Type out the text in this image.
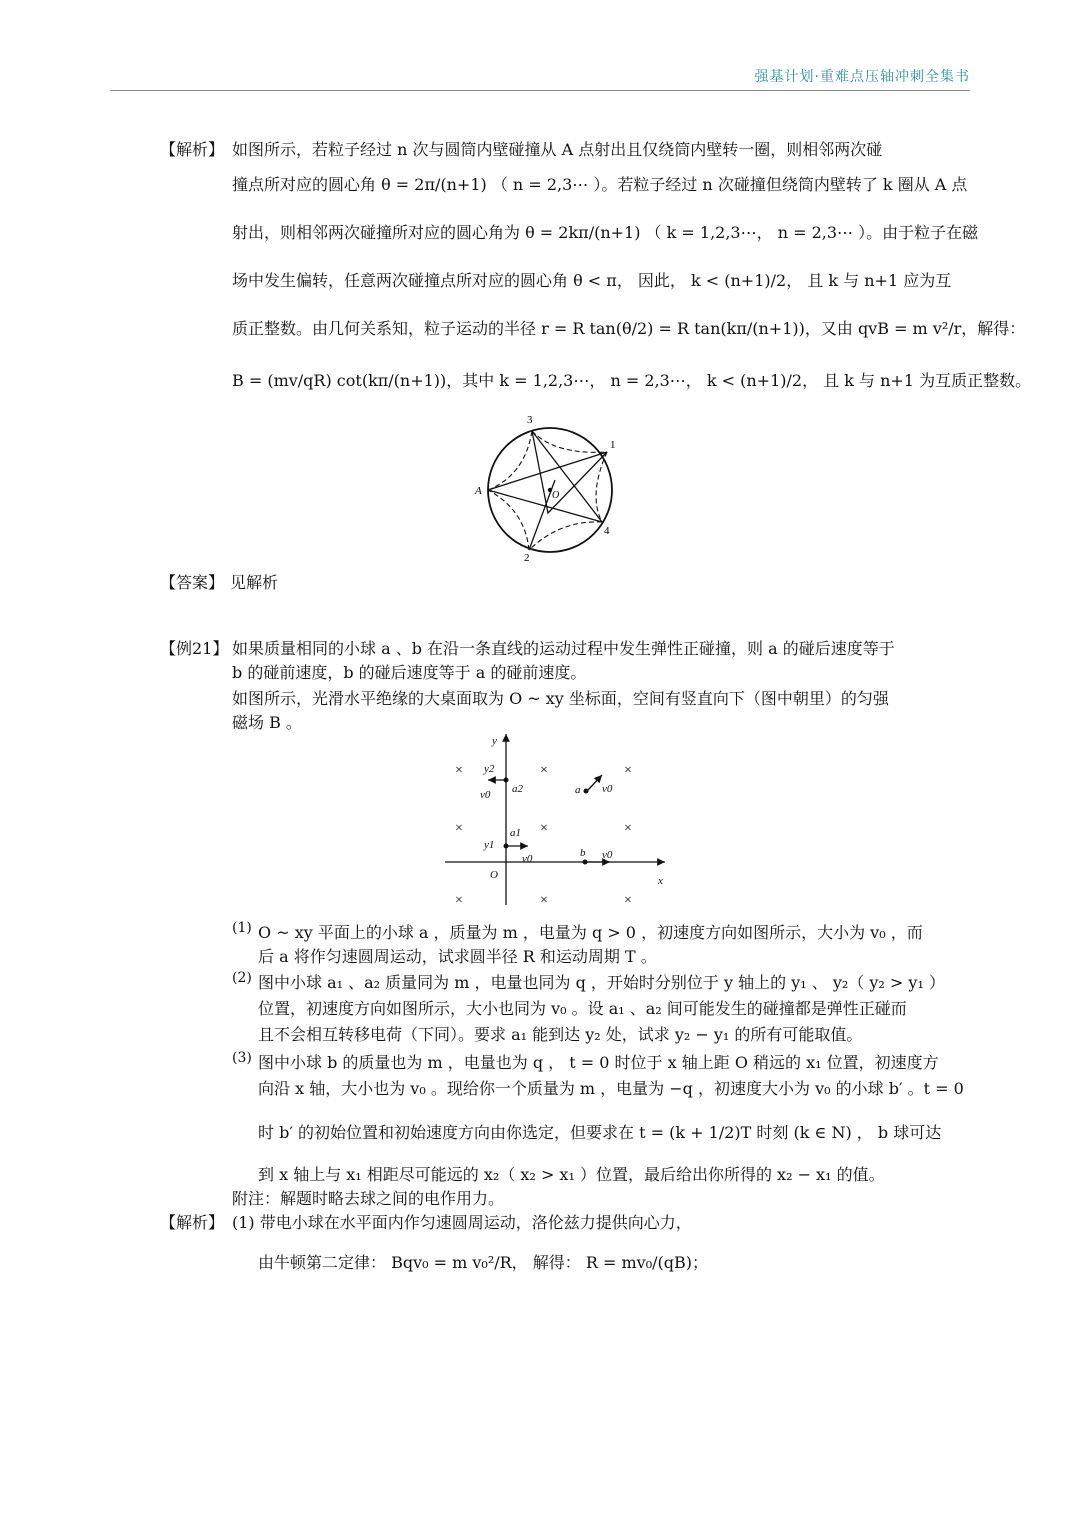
强基计划·重难点压轴冲刺全集书
【解析】 如图所示，若粒子经过 n 次与圆筒内壁碰撞从 A 点射出且仅绕筒内壁转一圈，则相邻两次碰
撞点所对应的圆心角 θ = 2π/(n+1) （ n = 2,3⋯ ）。若粒子经过 n 次碰撞但绕筒内壁转了 k 圈从 A 点
射出，则相邻两次碰撞所对应的圆心角为 θ = 2kπ/(n+1) （ k = 1,2,3⋯， n = 2,3⋯ ）。由于粒子在磁
场中发生偏转，任意两次碰撞点所对应的圆心角 θ < π， 因此， k < (n+1)/2， 且 k 与 n+1 应为互
质正整数。由几何关系知，粒子运动的半径 r = R tan(θ/2) = R tan(kπ/(n+1))，又由 qvB = m v²/r，解得：
B = (mv/qR) cot(kπ/(n+1))，其中 k = 1,2,3⋯， n = 2,3⋯， k < (n+1)/2， 且 k 与 n+1 为互质正整数。
3
1
A	O
2
4
【答案】 见解析
【例21】 如果质量相同的小球 a 、b 在沿一条直线的运动过程中发生弹性正碰撞，则 a 的碰后速度等于
b 的碰前速度，b 的碰后速度等于 a 的碰前速度。
如图所示，光滑水平绝缘的大桌面取为 O ~ xy 坐标面，空间有竖直向下（图中朝里）的匀强
磁场 B 。
×	×	×
×	×	×
×	×	×
y
y2
a2
v0	a v0
a1
y1
v0	b v0
O	x
(1) O ~ xy 平面上的小球 a ，质量为 m ，电量为 q > 0 ，初速度方向如图所示，大小为 v₀ ，而
后 a 将作匀速圆周运动，试求圆半径 R 和运动周期 T 。
(2) 图中小球 a₁ 、a₂ 质量同为 m ，电量也同为 q ，开始时分别位于 y 轴上的 y₁ 、 y₂（ y₂ > y₁ ）
位置，初速度方向如图所示，大小也同为 v₀ 。设 a₁ 、a₂ 间可能发生的碰撞都是弹性正碰而
且不会相互转移电荷（下同）。要求 a₁ 能到达 y₂ 处，试求 y₂ − y₁ 的所有可能取值。
(3) 图中小球 b 的质量也为 m ，电量也为 q ， t = 0 时位于 x 轴上距 O 稍远的 x₁ 位置，初速度方
向沿 x 轴，大小也为 v₀ 。现给你一个质量为 m ，电量为 −q ，初速度大小为 v₀ 的小球 b′ 。t = 0
时 b′ 的初始位置和初始速度方向由你选定，但要求在 t = (k + 1/2)T 时刻 (k ∈ N) ， b 球可达
到 x 轴上与 x₁ 相距尽可能远的 x₂（ x₂ > x₁ ）位置，最后给出你所得的 x₂ − x₁ 的值。
附注：解题时略去球之间的电作用力。
【解析】 (1) 带电小球在水平面内作匀速圆周运动，洛伦兹力提供向心力，
由牛顿第二定律： Bqv₀ = m v₀²/R， 解得： R = mv₀/(qB)；
